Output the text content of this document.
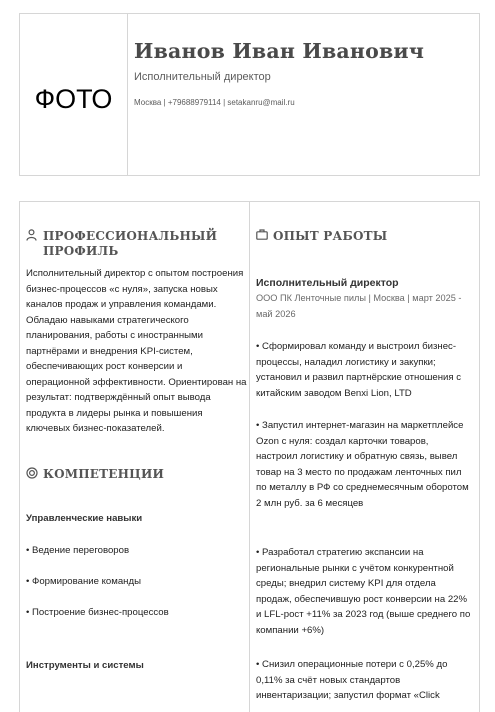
ФОТО
Иванов Иван Иванович
Исполнительный директор
Москва | +79688979114 | setakanru@mail.ru
ПРОФЕССИОНАЛЬНЫЙ ПРОФИЛЬ
Исполнительный директор с опытом построения бизнес-процессов «с нуля», запуска новых каналов продаж и управления командами. Обладаю навыками стратегического планирования, работы с иностранными партнёрами и внедрения KPI-систем, обеспечивающих рост конверсии и операционной эффективности. Ориентирован на результат: подтверждённый опыт вывода продукта в лидеры рынка и повышения ключевых бизнес-показателей.
КОМПЕТЕНЦИИ
Управленческие навыки
• Ведение переговоров
• Формирование команды
• Построение бизнес-процессов
Инструменты и системы
ОПЫТ РАБОТЫ
Исполнительный директор
ООО ПК Ленточные пилы | Москва | март 2025 - май 2026
• Сформировал команду и выстроил бизнес-процессы, наладил логистику и закупки; установил и развил партнёрские отношения с китайским заводом Benxi Lion, LTD
• Запустил интернет-магазин на маркетплейсе Ozon с нуля: создал карточки товаров, настроил логистику и обратную связь, вывел товар на 3 место по продажам ленточных пил по металлу в РФ со среднемесячным оборотом 2 млн руб. за 6 месяцев
• Разработал стратегию экспансии на региональные рынки с учётом конкурентной среды; внедрил систему KPI для отдела продаж, обеспечившую рост конверсии на 22% и LFL-рост +11% за 2023 год (выше среднего по компании +6%)
• Снизил операционные потери с 0,25% до 0,11% за счёт новых стандартов инвентаризации; запустил формат «Click
